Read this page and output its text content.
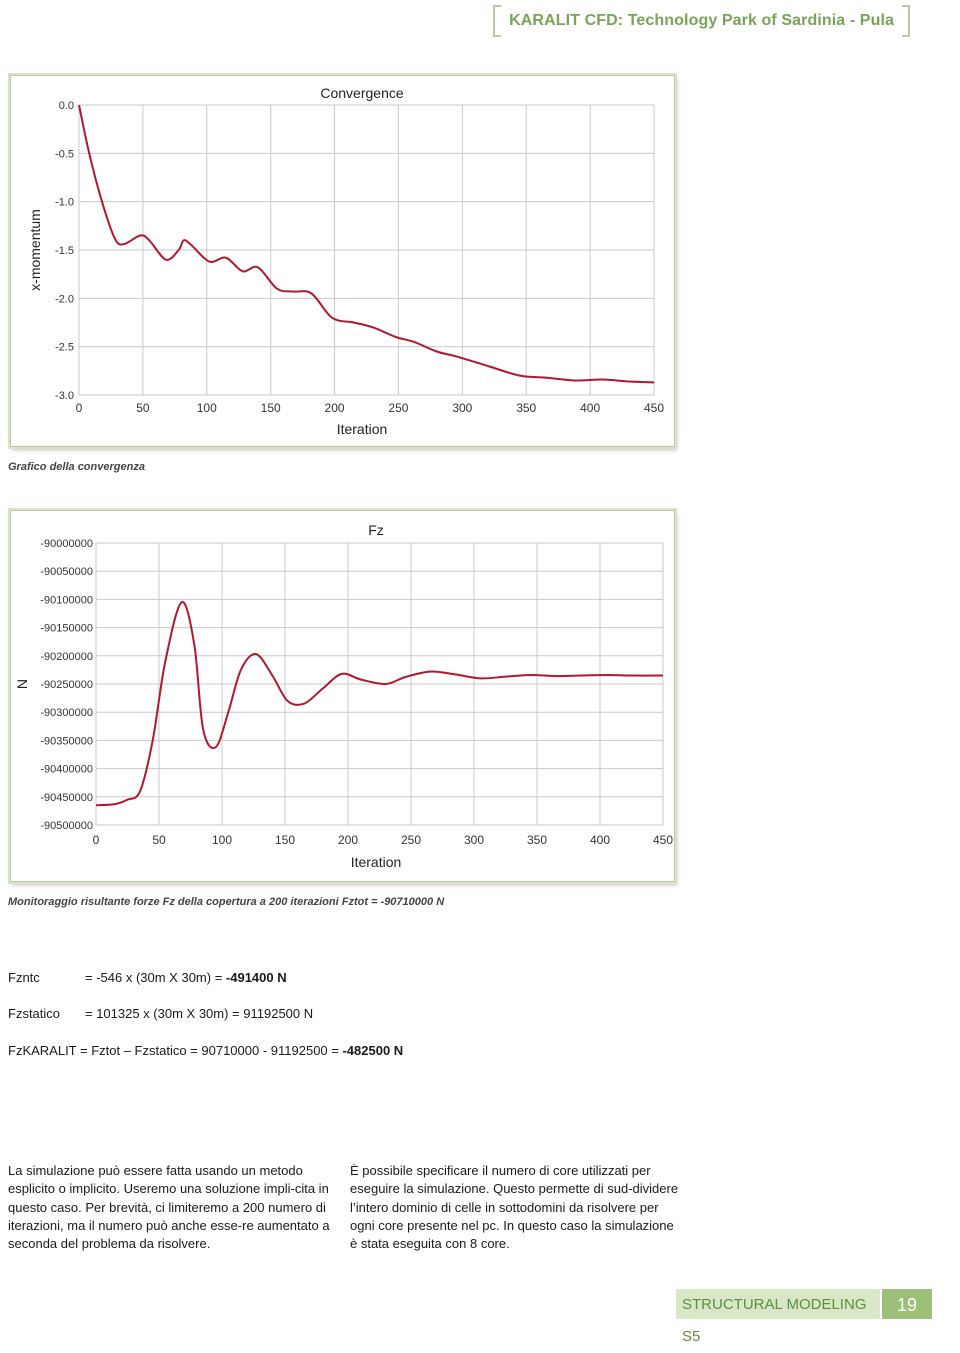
KARALIT CFD: Technology Park of Sardinia - Pula
0.0
-0.5
-1.0
-1.5
-2.0
-2.5
-3.0
0	50	100	150	200	250	300	350	400	450
Convergence
Iteration
x-momentum
Grafico della convergenza
-90000000
-90050000
-90100000
-90150000
-90200000
-90250000
-90300000
-90350000
-90400000
-90450000
-90500000
0	50	100	150	200	250	300	350	400	450
Fz
Iteration
N
Monitoraggio risultante forze Fz della copertura a 200 iterazioni Fztot = -90710000 N
Fzntc	= -546 x (30m X 30m) = -491400 N
Fzstatico = 101325 x (30m X 30m) = 91192500 N
FzKARALIT = Fztot – Fzstatico = 90710000 - 91192500 = -482500 N
La simulazione può essere fatta usando un metodo esplicito o implicito. Useremo una soluzione impli-cita in questo caso. Per brevità, ci limiteremo a 200 numero di iterazioni, ma il numero può anche esse-re aumentato a seconda del problema da risolvere.
È possibile specificare il numero di core utilizzati per eseguire la simulazione. Questo permette di sud-dividere l’intero dominio di celle in sottodomini da risolvere per ogni core presente nel pc. In questo caso la simulazione è stata eseguita con 8 core.
STRUCTURAL MODELING S5
19
